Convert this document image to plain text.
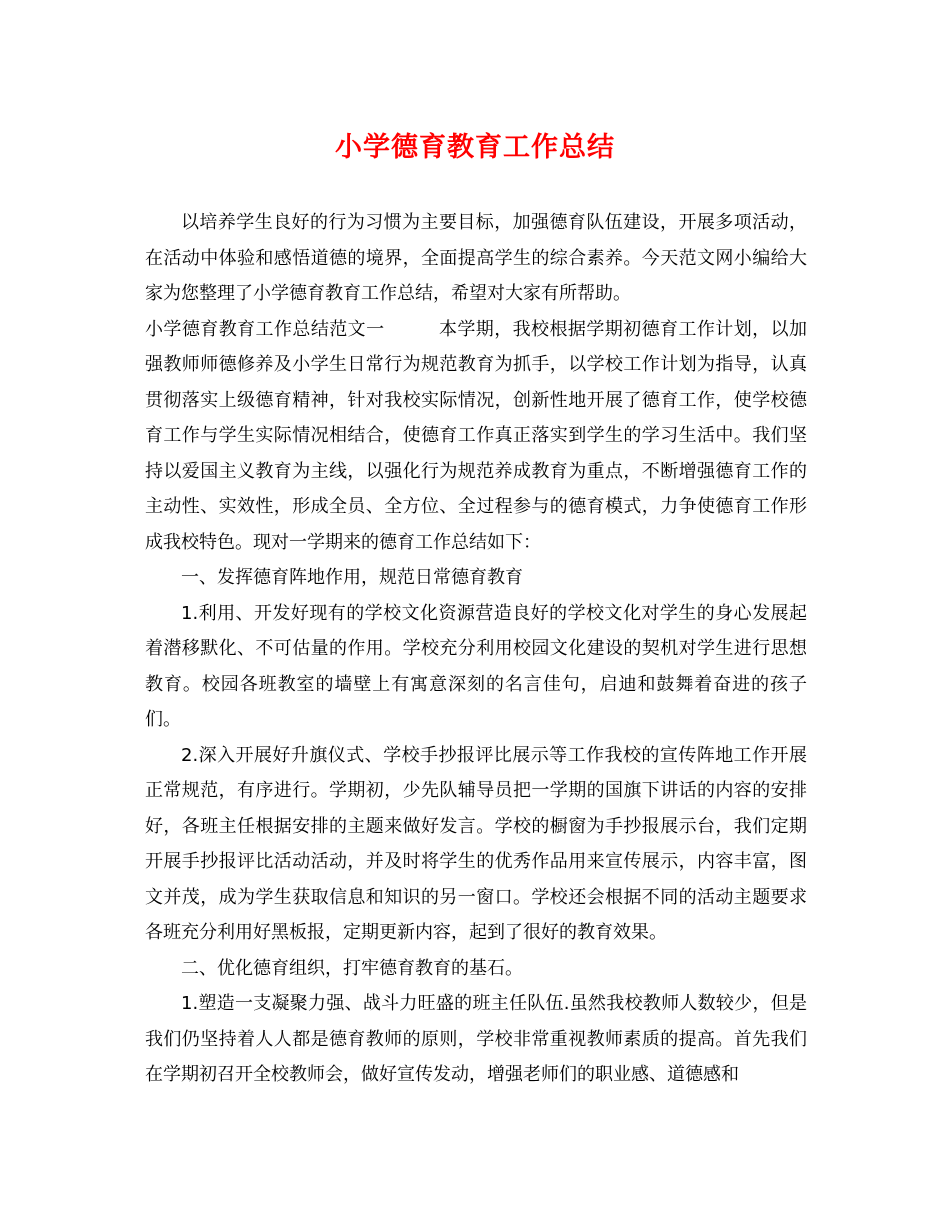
小学德育教育工作总结

以培养学生良好的行为习惯为主要目标，加强德育队伍建设，开展多项活动，在活动中体验和感悟道德的境界，全面提高学生的综合素养。今天范文网小编给大家为您整理了小学德育教育工作总结，希望对大家有所帮助。

小学德育教育工作总结范文一	本学期，我校根据学期初德育工作计划，以加强教师师德修养及小学生日常行为规范教育为抓手，以学校工作计划为指导，认真贯彻落实上级德育精神，针对我校实际情况，创新性地开展了德育工作，使学校德育工作与学生实际情况相结合，使德育工作真正落实到学生的学习生活中。我们坚持以爱国主义教育为主线，以强化行为规范养成教育为重点，不断增强德育工作的主动性、实效性，形成全员、全方位、全过程参与的德育模式，力争使德育工作形成我校特色。现对一学期来的德育工作总结如下：

一、发挥德育阵地作用，规范日常德育教育

1.利用、开发好现有的学校文化资源营造良好的学校文化对学生的身心发展起着潜移默化、不可估量的作用。学校充分利用校园文化建设的契机对学生进行思想教育。校园各班教室的墙壁上有寓意深刻的名言佳句，启迪和鼓舞着奋进的孩子们。

2.深入开展好升旗仪式、学校手抄报评比展示等工作我校的宣传阵地工作开展正常规范，有序进行。学期初，少先队辅导员把一学期的国旗下讲话的内容的安排好，各班主任根据安排的主题来做好发言。学校的橱窗为手抄报展示台，我们定期开展手抄报评比活动活动，并及时将学生的优秀作品用来宣传展示，内容丰富，图文并茂，成为学生获取信息和知识的另一窗口。学校还会根据不同的活动主题要求各班充分利用好黑板报，定期更新内容，起到了很好的教育效果。

二、优化德育组织，打牢德育教育的基石。

1.塑造一支凝聚力强、战斗力旺盛的班主任队伍.虽然我校教师人数较少，但是我们仍坚持着人人都是德育教师的原则，学校非常重视教师素质的提高。首先我们在学期初召开全校教师会，做好宣传发动，增强老师们的职业感、道德感和
